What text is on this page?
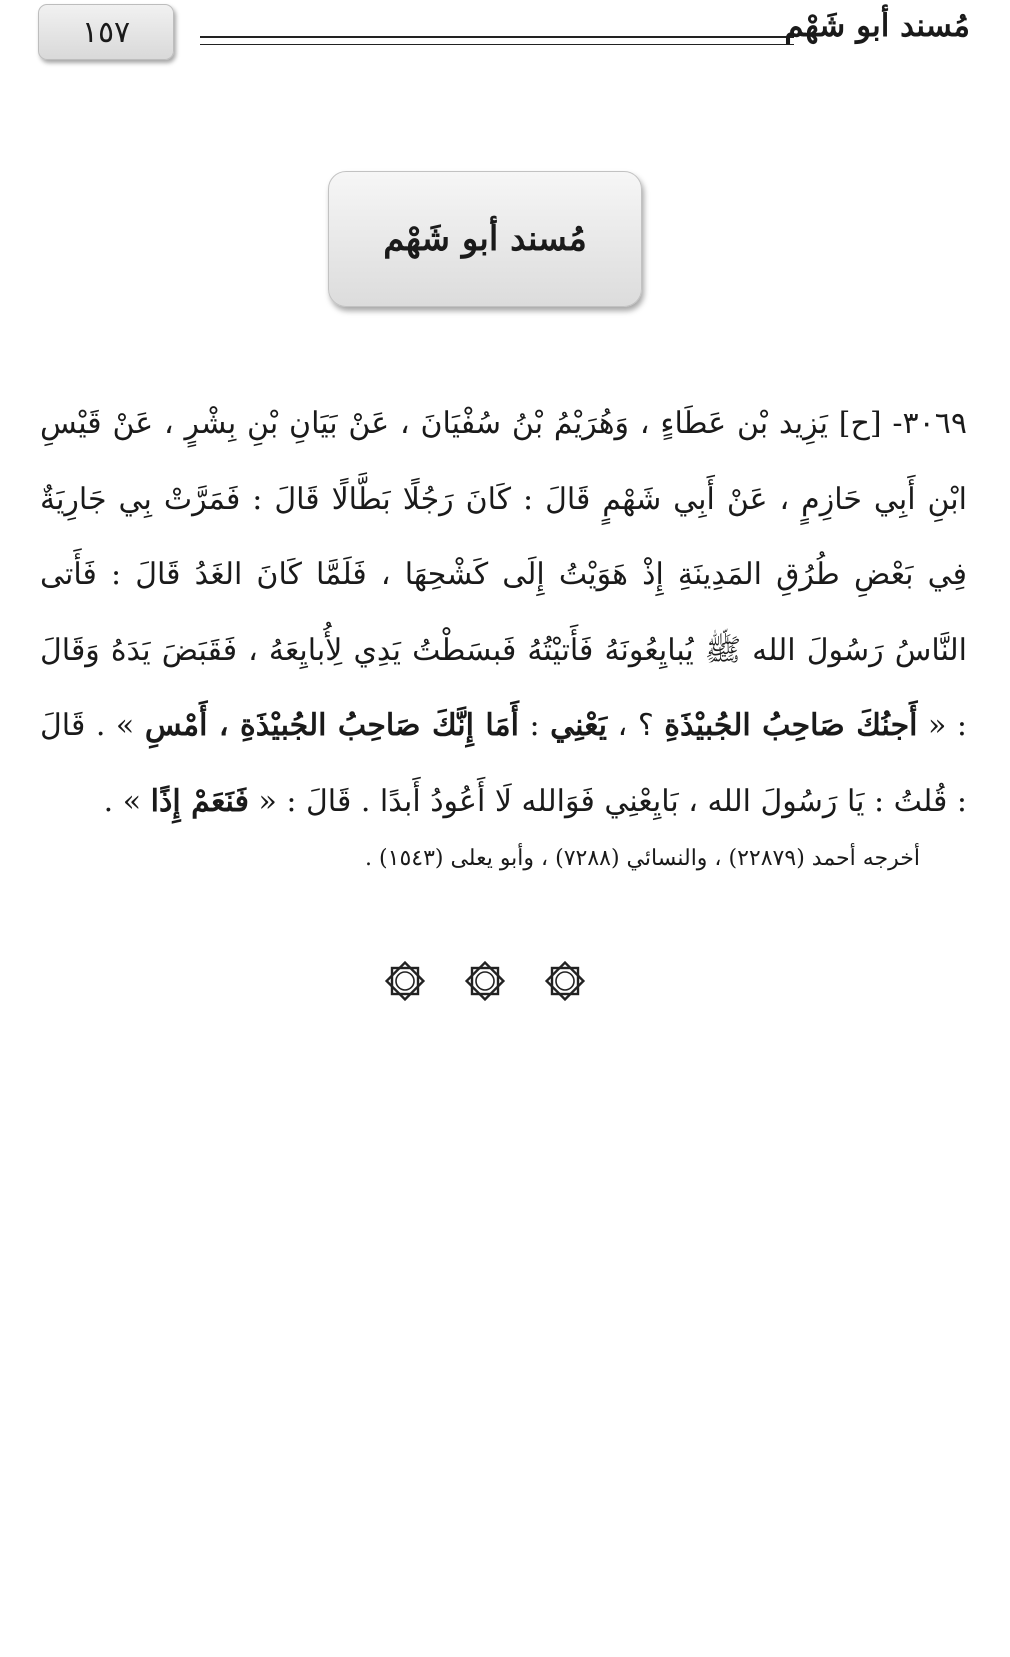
١٥٧	مُسند أبو شَهْم
مُسند أبو شَهْم
٣٠٦٩- [ح] يَزِيد بْن عَطَاءٍ ، وَهُرَيْمُ بْنُ سُفْيَانَ ، عَنْ بَيَانِ بْنِ بِشْرٍ ، عَنْ قَيْسِ ابْنِ أَبِي حَازِمٍ ، عَنْ أَبِي شَهْمٍ قَالَ : كَانَ رَجُلًا بَطَّالًا قَالَ : فَمَرَّتْ بِي جَارِيَةٌ فِي بَعْضِ طُرُقِ المَدِينَةِ إِذْ هَوَيْتُ إِلَى كَشْحِهَا ، فَلَمَّا كَانَ الغَدُ قَالَ : فَأَتى النَّاسُ رَسُولَ الله ﷺ يُبايِعُونَهُ فَأَتيْتُهُ فَبسَطْتُ يَدِي لِأُبايِعَهُ ، فَقَبَضَ يَدَهُ وَقَالَ : « أَجنُكَ صَاحِبُ الجُبيْذَةِ ؟ ، يَعْنِي : أَمَا إِنَّكَ صَاحِبُ الجُبيْذَةِ ، أَمْسِ » . قَالَ : قُلتُ : يَا رَسُولَ الله ، بَايِعْنِي فَوَالله لَا أَعُودُ أَبدًا . قَالَ : « فَنَعَمْ إِذًا » .
أخرجه أحمد (٢٢٨٧٩) ، والنسائي (٧٢٨٨) ، وأبو يعلى (١٥٤٣) .
